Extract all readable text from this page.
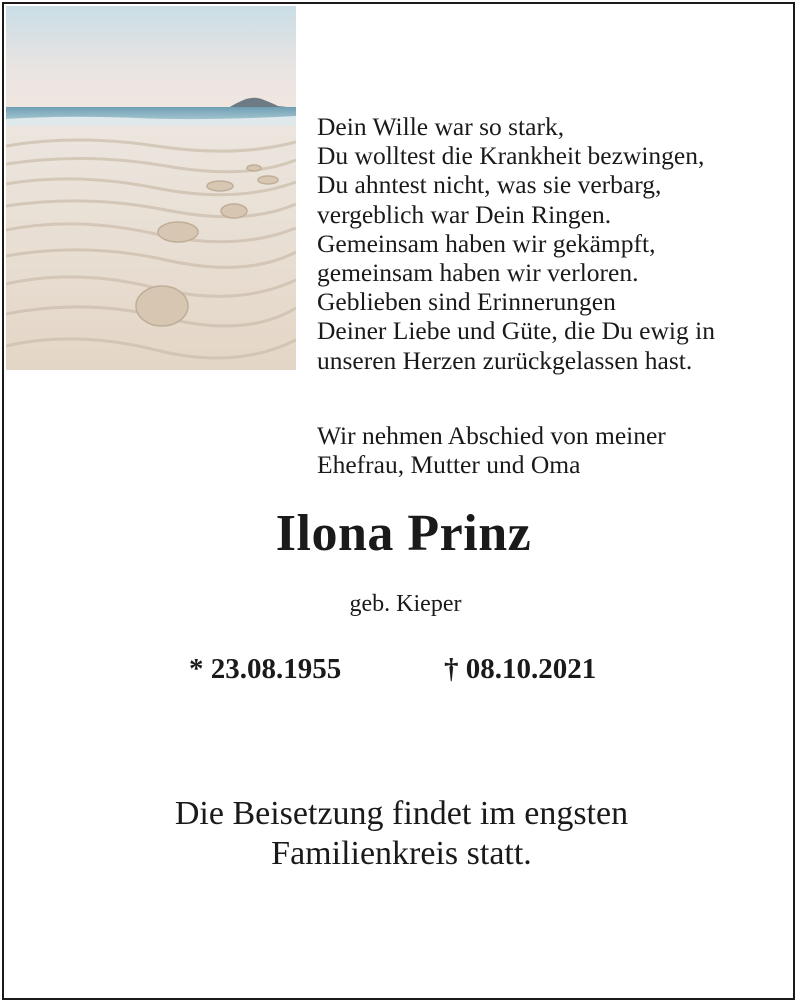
Dein Wille war so stark,
Du wolltest die Krankheit bezwingen,
Du ahntest nicht, was sie verbarg,
vergeblich war Dein Ringen.
Gemeinsam haben wir gekämpft,
gemeinsam haben wir verloren.
Geblieben sind Erinnerungen
Deiner Liebe und Güte, die Du ewig in
unseren Herzen zurückgelassen hast.
Wir nehmen Abschied von meiner
Ehefrau, Mutter und Oma
Ilona Prinz
geb. Kieper
* 23.08.1955	† 08.10.2021
Die Beisetzung findet im engsten
Familienkreis statt.
